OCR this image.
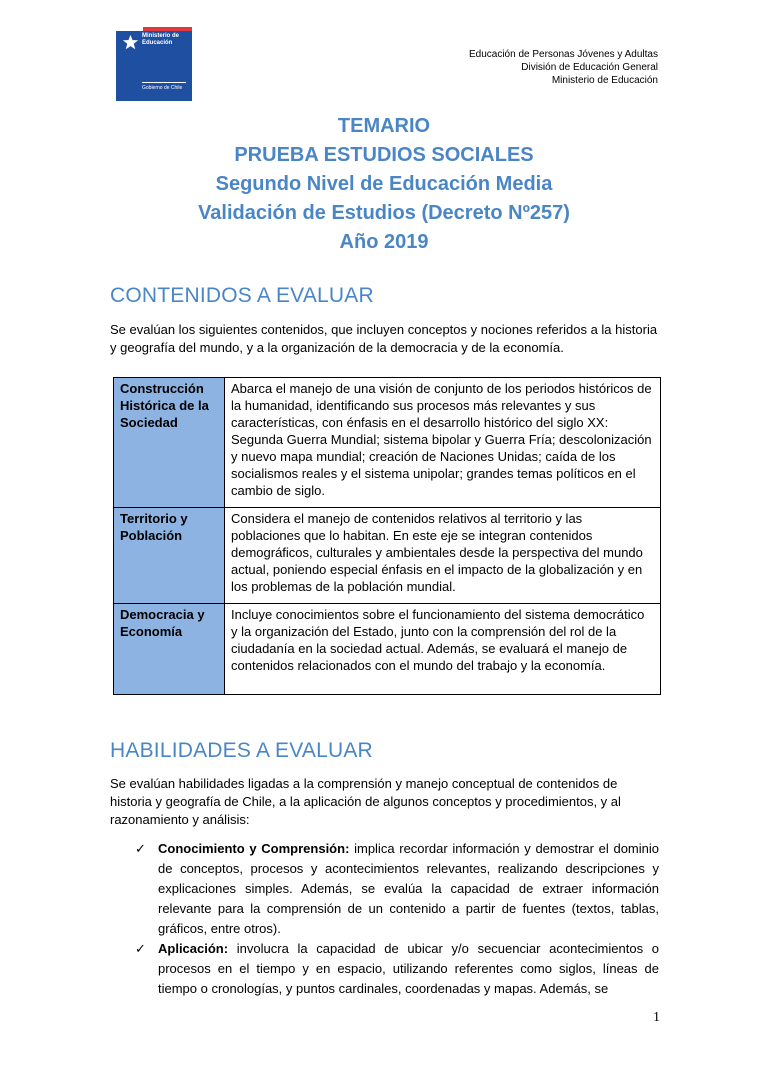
Ministerio de
Educación
Gobierno de Chile
Educación de Personas Jóvenes y Adultas
División de Educación General
Ministerio de Educación
TEMARIO
PRUEBA ESTUDIOS SOCIALES
Segundo Nivel de Educación Media
Validación de Estudios (Decreto Nº257)
Año 2019
CONTENIDOS A EVALUAR
Se evalúan los siguientes contenidos, que incluyen conceptos y nociones referidos a la historia y geografía del mundo, y a la organización de la democracia y de la economía.
Construcción Histórica de la Sociedad	Abarca el manejo de una visión de conjunto de los periodos históricos de la humanidad, identificando sus procesos más relevantes y sus características, con énfasis en el desarrollo histórico del siglo XX: Segunda Guerra Mundial; sistema bipolar y Guerra Fría; descolonización y nuevo mapa mundial; creación de Naciones Unidas; caída de los socialismos reales y el sistema unipolar; grandes temas políticos en el cambio de siglo.
Territorio y Población	Considera el manejo de contenidos relativos al territorio y las poblaciones que lo habitan. En este eje se integran contenidos demográficos, culturales y ambientales desde la perspectiva del mundo actual, poniendo especial énfasis en el impacto de la globalización y en los problemas de la población mundial.
Democracia y Economía	Incluye conocimientos sobre el funcionamiento del sistema democrático y la organización del Estado, junto con la comprensión del rol de la ciudadanía en la sociedad actual. Además, se evaluará el manejo de contenidos relacionados con el mundo del trabajo y la economía.
HABILIDADES A EVALUAR
Se evalúan habilidades ligadas a la comprensión y manejo conceptual de contenidos de historia y geografía de Chile, a la aplicación de algunos conceptos y procedimientos, y al razonamiento y análisis:
✓ Conocimiento y Comprensión: implica recordar información y demostrar el dominio de conceptos, procesos y acontecimientos relevantes, realizando descripciones y explicaciones simples. Además, se evalúa la capacidad de extraer información relevante para la comprensión de un contenido a partir de fuentes (textos, tablas, gráficos, entre otros).
✓ Aplicación: involucra la capacidad de ubicar y/o secuenciar acontecimientos o procesos en el tiempo y en espacio, utilizando referentes como siglos, líneas de tiempo o cronologías, y puntos cardinales, coordenadas y mapas. Además, se
1
